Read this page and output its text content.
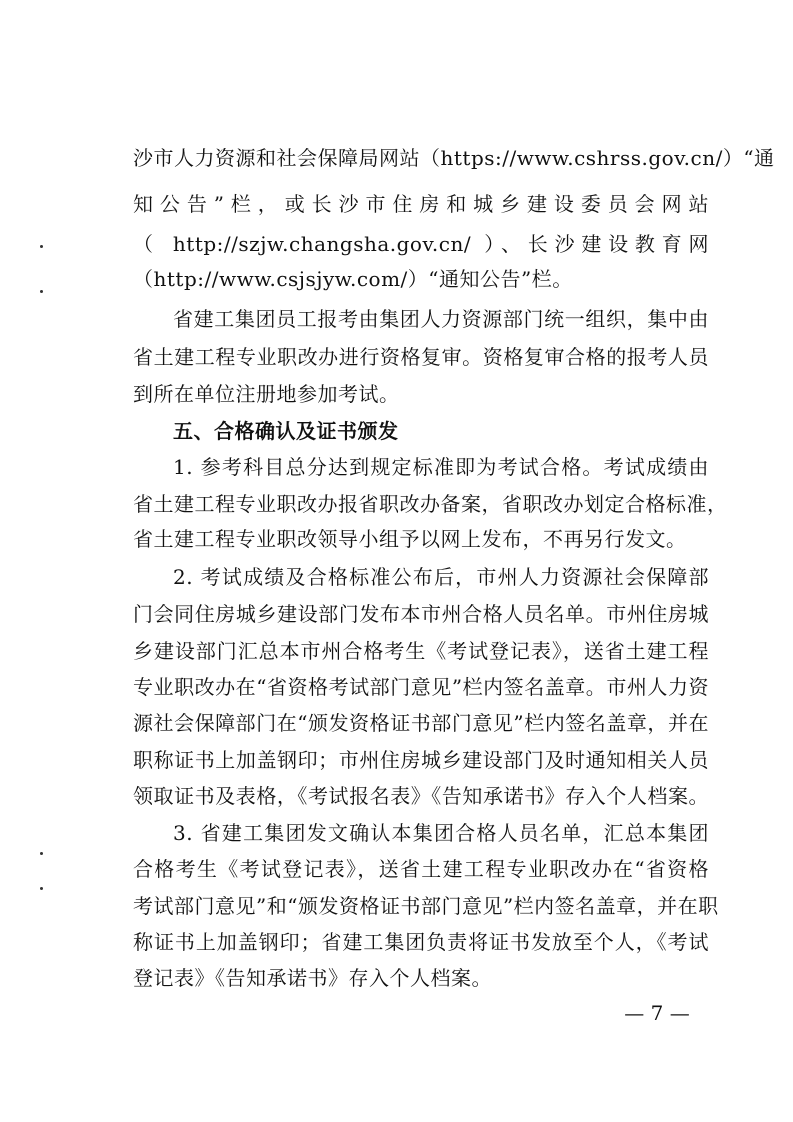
沙市人力资源和社会保障局网站（https://www.cshrss.gov.cn/）“通
知公告”栏，或长沙市住房和城乡建设委员会网站
（ http://szjw.changsha.gov.cn/ ）、长沙建设教育网
（http://www.csjsjyw.com/）“通知公告”栏。
省建工集团员工报考由集团人力资源部门统一组织，集中由
省土建工程专业职改办进行资格复审。资格复审合格的报考人员
到所在单位注册地参加考试。
五、合格确认及证书颁发
1. 参考科目总分达到规定标准即为考试合格。考试成绩由
省土建工程专业职改办报省职改办备案，省职改办划定合格标准，
省土建工程专业职改领导小组予以网上发布，不再另行发文。
2. 考试成绩及合格标准公布后，市州人力资源社会保障部
门会同住房城乡建设部门发布本市州合格人员名单。市州住房城
乡建设部门汇总本市州合格考生《考试登记表》，送省土建工程
专业职改办在“省资格考试部门意见”栏内签名盖章。市州人力资
源社会保障部门在“颁发资格证书部门意见”栏内签名盖章，并在
职称证书上加盖钢印；市州住房城乡建设部门及时通知相关人员
领取证书及表格，《考试报名表》《告知承诺书》存入个人档案。
3. 省建工集团发文确认本集团合格人员名单，汇总本集团
合格考生《考试登记表》，送省土建工程专业职改办在“省资格
考试部门意见”和“颁发资格证书部门意见”栏内签名盖章，并在职
称证书上加盖钢印；省建工集团负责将证书发放至个人，《考试
登记表》《告知承诺书》存入个人档案。
— 7 —
